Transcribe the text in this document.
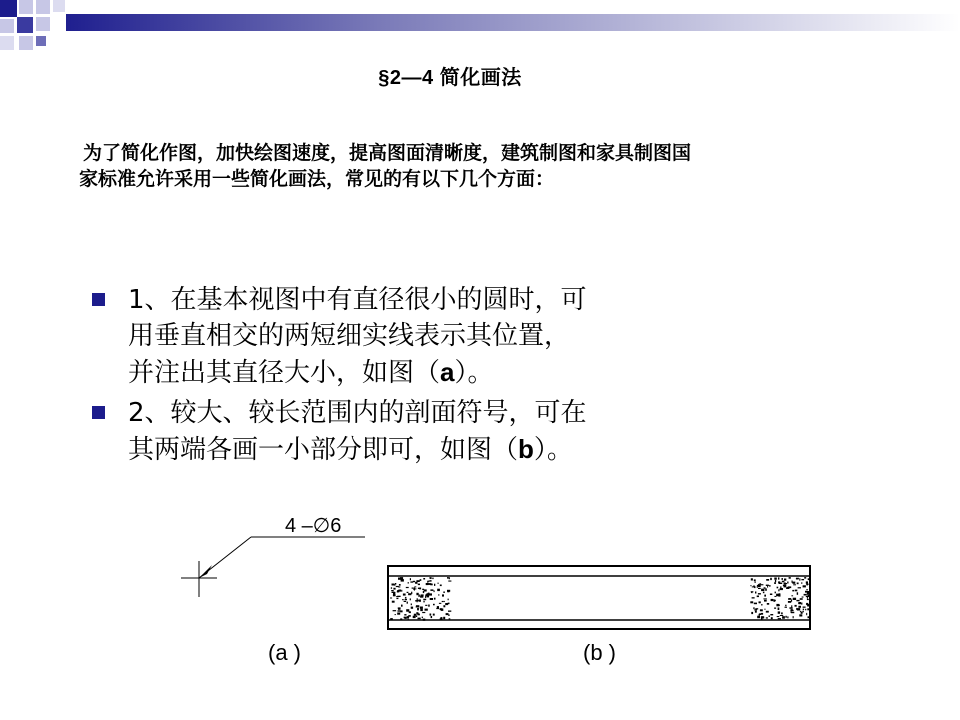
§2—4 简化画法
为了简化作图，加快绘图速度，提高图面清晰度，建筑制图和家具制图国
家标准允许采用一些简化画法，常见的有以下几个方面：
1、在基本视图中有直径很小的圆时，可
用垂直相交的两短细实线表示其位置，
并注出其直径大小，如图（a）。
2、较大、较长范围内的剖面符号，可在
其两端各画一小部分即可，如图（b）。
4 –∅6
(a )	(b )
